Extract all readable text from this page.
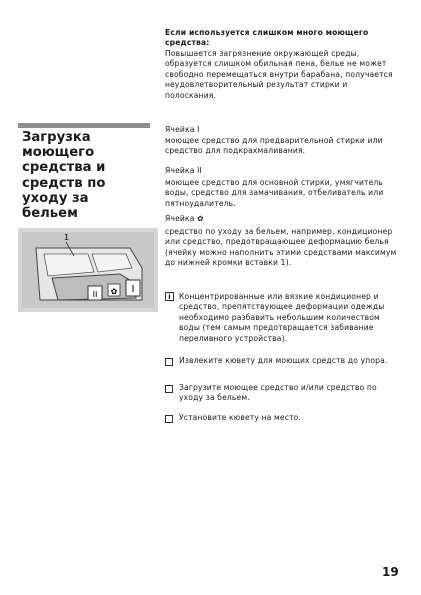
Если используется слишком много моющего средства:
Повышается загрязнение окружающей среды, образуется слишком обильная пена, белье не может свободно перемещаться внутри барабана, получается неудовлетворительный результат стирки и полоскания.
Загрузка моющего средства и средств по уходу за бельем
Ячейка I
моющее средство для предварительной стирки или средство для подкрахмаливания.
Ячейка II
моющее средство для основной стирки, умягчитель воды, средство для замачивания, отбеливатель или пятноудалитель.
Ячейка ✿
средство по уходу за бельем, например, кондиционер или средство, предотвращающее деформацию белья (ячейку можно наполнить этими средствами максимум до нижней кромки вставки 1).
i	Концентрированные или вязкие кондиционер и средство, препятствующее деформации одежды необходимо разбавить небольшим количеством воды (тем самым предотвращается забивание переливного устройства).
Извлеките кювету для моющих средств до упора.
Загрузите моющее средство и/или средство по уходу за бельем.
Установите кювету на место.
I
II ✿
1
19
